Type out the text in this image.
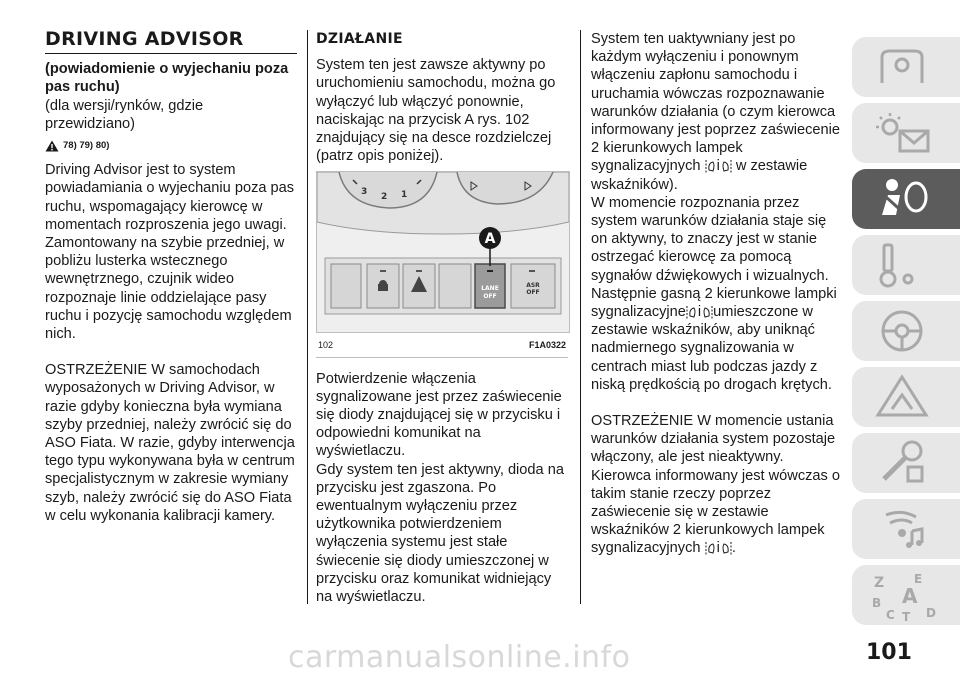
DRIVING ADVISOR
(powiadomienie o wyjechaniu poza pas ruchu)
(dla wersji/rynków, gdzie przewidziano)
78) 79) 80)

Driving Advisor jest to system powiadamiania o wyjechaniu poza pas ruchu, wspomagający kierowcę w momentach rozproszenia jego uwagi. Zamontowany na szybie przedniej, w pobliżu lusterka wstecznego wewnętrznego, czujnik wideo rozpoznaje linie oddzielające pasy ruchu i pozycję samochodu względem nich.

OSTRZEŻENIE W samochodach wyposażonych w Driving Advisor, w razie gdyby konieczna była wymiana szyby przedniej, należy zwrócić się do ASO Fiata. W razie, gdyby interwencja tego typu wykonywana była w centrum specjalistycznym w zakresie wymiany szyb, należy zwrócić się do ASO Fiata w celu wykonania kalibracji kamery.

DZIAŁANIE

System ten jest zawsze aktywny po uruchomieniu samochodu, można go wyłączyć lub włączyć ponownie, naciskając na przycisk A rys. 102 znajdujący się na desce rozdzielczej (patrz opis poniżej).

3 2 1
LANE
OFF
ASR
OFF
A
102	F1A0322

Potwierdzenie włączenia sygnalizowane jest przez zaświecenie się diody znajdującej się w przycisku i odpowiedni komunikat na wyświetlaczu.

Gdy system ten jest aktywny, dioda na przycisku jest zgaszona. Po ewentualnym wyłączeniu przez użytkownika potwierdzeniem wyłączenia systemu jest stałe świecenie się diody umieszczonej w przycisku oraz komunikat widniejący na wyświetlaczu.

System ten uaktywniany jest po każdym wyłączeniu i ponownym włączeniu zapłonu samochodu i uruchamia wówczas rozpoznawanie warunków działania (o czym kierowca informowany jest poprzez zaświecenie 2 kierunkowych lampek sygnalizacyjnych i w zestawie wskaźników).

W momencie rozpoznania przez system warunków działania staje się on aktywny, to znaczy jest w stanie ostrzegać kierowcę za pomocą sygnałów dźwiękowych i wizualnych. Następnie gasną 2 kierunkowe lampki sygnalizacyjne i umieszczone w zestawie wskaźników, aby uniknąć nadmiernego sygnalizowania w centrach miast lub podczas jazdy z niską prędkością po drogach krętych.

OSTRZEŻENIE W momencie ustania warunków działania system pozostaje włączony, ale jest nieaktywny. Kierowca informowany jest wówczas o takim stanie rzeczy poprzez zaświecenie się w zestawie wskaźników 2 kierunkowych lampek sygnalizacyjnych i .

Z E
B A
C T D
carmanualsonline.info	101
